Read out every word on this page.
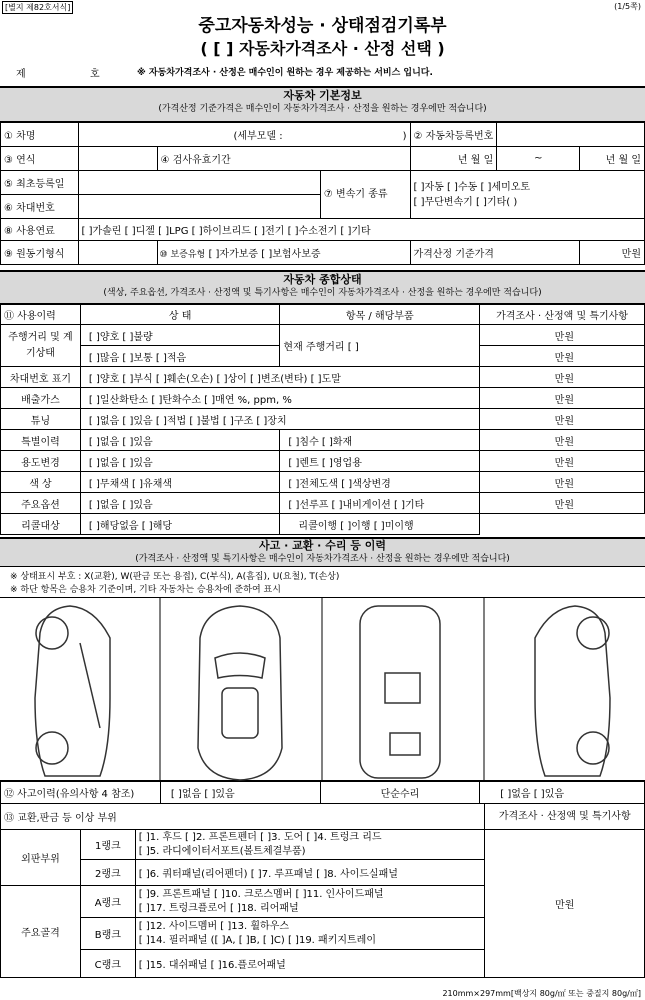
[별지 제82호서식]	(1/5쪽)
중고자동차성능 · 상태점검기록부
( [ ] 자동차가격조사 · 산정 선택 )
제	호	※ 자동차가격조사 · 산정은 매수인이 원하는 경우 제공하는 서비스 입니다.
자동차 기본정보
(가격산정 기준가격은 매수인이 자동차가격조사 · 산정을 원하는 경우에만 적습니다)
① 차명	(세부모델 : )			② 자동차등록번호		
③ 연식		④ 검사유효기간		년 월 일	~	년 월 일
⑤ 최초등록일			⑦ 변속기 종류	[ ]자동 [ ]수동 [ ]세미오토
[ ]무단변속기 [ ]기타( )		

⑥ 차대번호						
⑧ 사용연료	[ ]가솔린 [ ]디젤 [ ]LPG [ ]하이브리드 [ ]전기 [ ]수소전기 [ ]기타					
⑨ 원동기형식		⑩ 보증유형 [ ]자가보증 [ ]보험사보증		가격산정 기준가격		만원
자동차 종합상태
(색상, 주요옵션, 가격조사 · 산정액 및 특기사항은 매수인이 자동차가격조사 · 산정을 원하는 경우에만 적습니다)
⑪ 사용이력	상 태	항목 / 해당부품	가격조사 · 산정액 및 특기사항
주행거리 및 계기상태	[ ]양호 [ ]불량	현재 주행거리 [ ]	만원
	[ ]많음 [ ]보통 [ ]적음		만원
차대번호 표기	[ ]양호 [ ]부식 [ ]훼손(오손) [ ]상이 [ ]변조(변타) [ ]도말		만원
배출가스	[ ]일산화탄소 [ ]탄화수소 [ ]매연 %, ppm, %		만원
튜닝	[ ]없음 [ ]있음 [ ]적법 [ ]불법 [ ]구조 [ ]장치		만원
특별이력	[ ]없음 [ ]있음	[ ]침수 [ ]화재	만원
용도변경	[ ]없음 [ ]있음	[ ]렌트 [ ]영업용	만원
색 상	[ ]무채색 [ ]유채색	[ ]전체도색 [ ]색상변경	만원
주요옵션	[ ]없음 [ ]있음	[ ]선루프 [ ]내비게이션 [ ]기타	만원
리콜대상	[ ]해당없음 [ ]해당	리콜이행 [ ]이행 [ ]미이행	
사고 · 교환 · 수리 등 이력
(가격조사 · 산정액 및 특기사항은 매수인이 자동차가격조사 · 산정을 원하는 경우에만 적습니다)
※ 상태표시 부호 : X(교환), W(판금 또는 용접), C(부식), A(흠집), U(요철), T(손상)
※ 하단 항목은 승용차 기준이며, 기타 자동차는 승용차에 준하여 표시
⑫ 사고이력(유의사항 4 참조)	[ ]없음 [ ]있음	단순수리	[ ]없음 [ ]있음
⑬ 교환,판금 등 이상 부위			가격조사 · 산정액 및 특기사항
외판부위	1랭크	[ ]1. 후드 [ ]2. 프론트펜더 [ ]3. 도어 [ ]4. 트렁크 리드
[ ]5. 라디에이터서포트(볼트체결부품)	만원
	2랭크	[ ]6. 쿼터패널(리어펜더) [ ]7. 루프패널 [ ]8. 사이드실패널	
주요골격	A랭크	[ ]9. 프론트패널 [ ]10. 크로스멤버 [ ]11. 인사이드패널
[ ]17. 트렁크플로어 [ ]18. 리어패널	

	B랭크	[ ]12. 사이드멤버 [ ]13. 휠하우스
[ ]14. 필러패널 ([ ]A, [ ]B, [ ]C) [ ]19. 패키지트레이	

	C랭크	[ ]15. 대쉬패널 [ ]16.플로어패널	
210mm×297mm[백상지 80g/㎡ 또는 중질지 80g/㎡]
